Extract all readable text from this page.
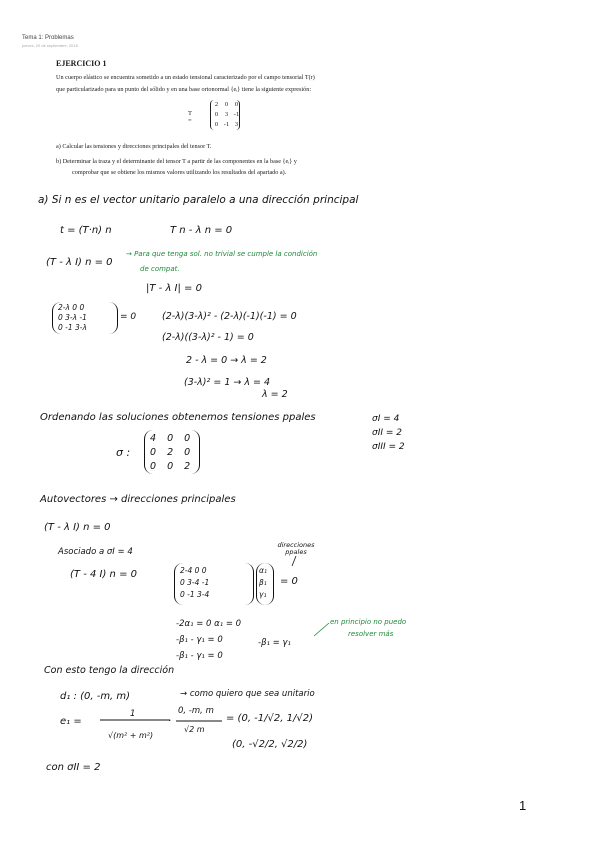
Tema 1: Problemas
jueves, 20 de septiembre, 2018
EJERCICIO 1
Un cuerpo elástico se encuentra sometido a un estado tensional caracterizado por el campo tensorial T(r)
que particularizado para un punto del sólido y en una base ortonormal {eᵢ} tiene la siguiente expresión:
T =
2	0	0
0	3 -1
0 -1 3
a) Calcular las tensiones y direcciones principales del tensor T.
b) Determinar la traza y el determinante del tensor T a partir de las componentes en la base {eᵢ} y
comprobar que se obtiene los mismos valores utilizando los resultados del apartado a).
a) Si n es el vector unitario paralelo a una dirección principal
t = (T·n) n	T n - λ n = 0
(T - λ I) n = 0
→ Para que tenga sol. no trivial se cumple la condición
de compat.
|T - λ I| = 0
2-λ 0 0
0 3-λ -1
0 -1 3-λ
= 0	(2-λ)(3-λ)² - (2-λ)(-1)(-1) = 0
(2-λ)((3-λ)² - 1) = 0
2 - λ = 0 → λ = 2
(3-λ)² = 1 → λ = 4
λ = 2
Ordenando las soluciones obtenemos tensiones ppales	σI = 4
σII = 2
σIII = 2
σ :
4 0 0
0 2 0
0 0 2
Autovectores → direcciones principales
(T - λ I) n = 0
Asociado a σI = 4
direcciones ppales
(T - 4 I) n = 0	2-4 0 0
0 3-4 -1
0 -1 3-4
α₁
β₁
γ₁
= 0
-2α₁ = 0 α₁ = 0
-β₁ - γ₁ = 0
-β₁ - γ₁ = 0
-β₁ = γ₁
en principio no puedo
resolver más
Con esto tengo la dirección
d₁ : (0, -m, m)	→ como quiero que sea unitario
e₁ =
1
√(m² + m²)
·
0, -m, m
√2 m
= (0, -1/√2, 1/√2)
(0, -√2/2, √2/2)
con σII = 2
1
